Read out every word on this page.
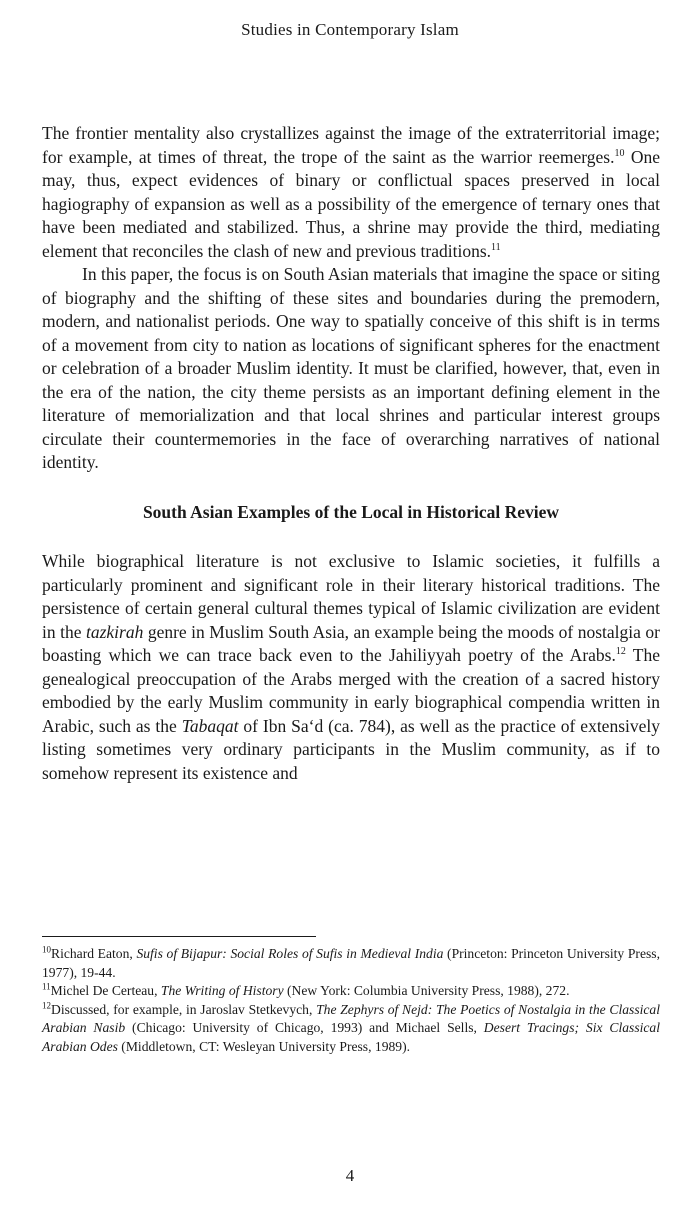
Studies in Contemporary Islam

The frontier mentality also crystallizes against the image of the extraterritorial image; for example, at times of threat, the trope of the saint as the warrior reemerges.$^{10}$ One may, thus, expect evidences of binary or conflictual spaces preserved in local hagiography of expansion as well as a possibility of the emergence of ternary ones that have been mediated and stabilized. Thus, a shrine may provide the third, mediating element that reconciles the clash of new and previous traditions.$^{11}$

In this paper, the focus is on South Asian materials that imagine the space or siting of biography and the shifting of these sites and boundaries during the premodern, modern, and nationalist periods. One way to spatially conceive of this shift is in terms of a movement from city to nation as locations of significant spheres for the enactment or celebration of a broader Muslim identity. It must be clarified, however, that, even in the era of the nation, the city theme persists as an important defining element in the literature of memorialization and that local shrines and particular interest groups circulate their countermemories in the face of overarching narratives of national identity.

South Asian Examples of the Local in Historical Review

While biographical literature is not exclusive to Islamic societies, it fulfills a particularly prominent and significant role in their literary historical traditions. The persistence of certain general cultural themes typical of Islamic civilization are evident in the tazkirah genre in Muslim South Asia, an example being the moods of nostalgia or boasting which we can trace back even to the Jahiliyyah poetry of the Arabs.$^{12}$ The genealogical preoccupation of the Arabs merged with the creation of a sacred history embodied by the early Muslim community in early biographical compendia written in Arabic, such as the Tabaqat of Ibn Sa‘d (ca. 784), as well as the practice of extensively listing sometimes very ordinary participants in the Muslim community, as if to somehow represent its existence and

$^{10}$Richard Eaton, Sufis of Bijapur: Social Roles of Sufis in Medieval India (Princeton: Princeton University Press, 1977), 19-44.

$^{11}$Michel De Certeau, The Writing of History (New York: Columbia University Press, 1988), 272.

$^{12}$Discussed, for example, in Jaroslav Stetkevych, The Zephyrs of Nejd: The Poetics of Nostalgia in the Classical Arabian Nasib (Chicago: University of Chicago, 1993) and Michael Sells, Desert Tracings; Six Classical Arabian Odes (Middletown, CT: Wesleyan University Press, 1989).

4
